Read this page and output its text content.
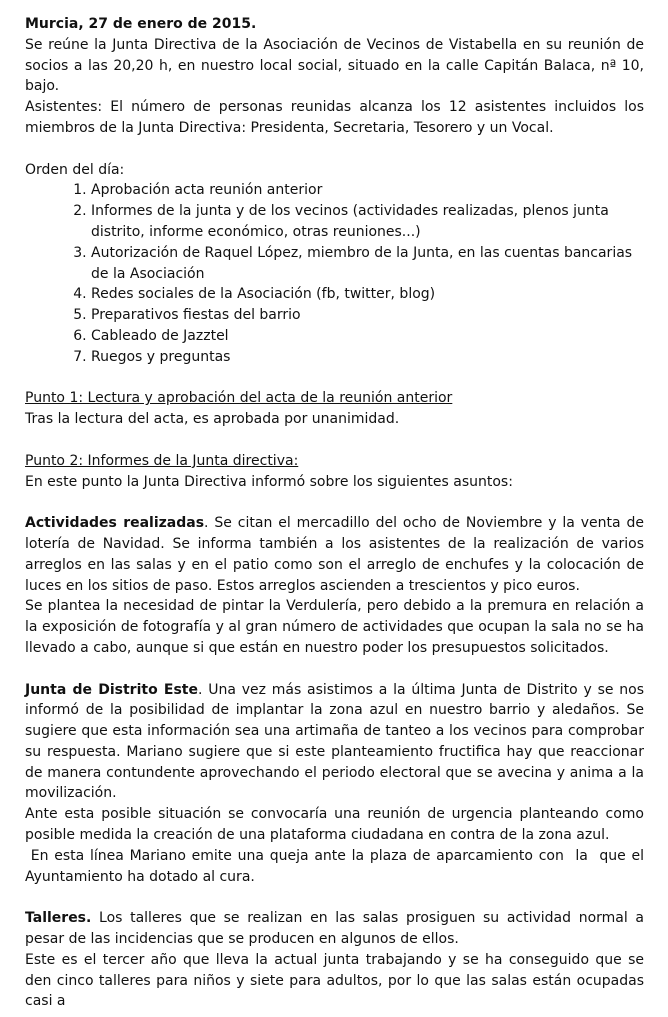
Murcia, 27 de enero de 2015.

Se reúne la Junta Directiva de la Asociación de Vecinos de Vistabella en su reunión de socios a las 20,20 h, en nuestro local social, situado en la calle Capitán Balaca, nª 10, bajo.

Asistentes: El número de personas reunidas alcanza los 12 asistentes incluidos los miembros de la Junta Directiva: Presidenta, Secretaria, Tesorero y un Vocal.

Orden del día:

1. Aprobación acta reunión anterior
2. Informes de la junta y de los vecinos (actividades realizadas, plenos junta distrito, informe económico, otras reuniones...)
3. Autorización de Raquel López, miembro de la Junta, en las cuentas bancarias de la Asociación
4. Redes sociales de la Asociación (fb, twitter, blog)
5. Preparativos fiestas del barrio
6. Cableado de Jazztel
7. Ruegos y preguntas

Punto 1: Lectura y aprobación del acta de la reunión anterior

Tras la lectura del acta, es aprobada por unanimidad.

Punto 2: Informes de la Junta directiva:

En este punto la Junta Directiva informó sobre los siguientes asuntos:

Actividades realizadas. Se citan el mercadillo del ocho de Noviembre y la venta de lotería de Navidad. Se informa también a los asistentes de la realización de varios arreglos en las salas y en el patio como son el arreglo de enchufes y la colocación de luces en los sitios de paso. Estos arreglos ascienden a trescientos y pico euros.

Se plantea la necesidad de pintar la Verdulería, pero debido a la premura en relación a la exposición de fotografía y al gran número de actividades que ocupan la sala no se ha llevado a cabo, aunque si que están en nuestro poder los presupuestos solicitados.

Junta de Distrito Este. Una vez más asistimos a la última Junta de Distrito y se nos informó de la posibilidad de implantar la zona azul en nuestro barrio y aledaños. Se sugiere que esta información sea una artimaña de tanteo a los vecinos para comprobar su respuesta. Mariano sugiere que si este planteamiento fructifica hay que reaccionar de manera contundente aprovechando el periodo electoral que se avecina y anima a la movilización.

Ante esta posible situación se convocaría una reunión de urgencia planteando como posible medida la creación de una plataforma ciudadana en contra de la zona azul.

En esta línea Mariano emite una queja ante la plaza de aparcamiento con  la  que el Ayuntamiento ha dotado al cura.

Talleres. Los talleres que se realizan en las salas prosiguen su actividad normal a pesar de las incidencias que se producen en algunos de ellos.

Este es el tercer año que lleva la actual junta trabajando y se ha conseguido que se den cinco talleres para niños y siete para adultos, por lo que las salas están ocupadas casi a
